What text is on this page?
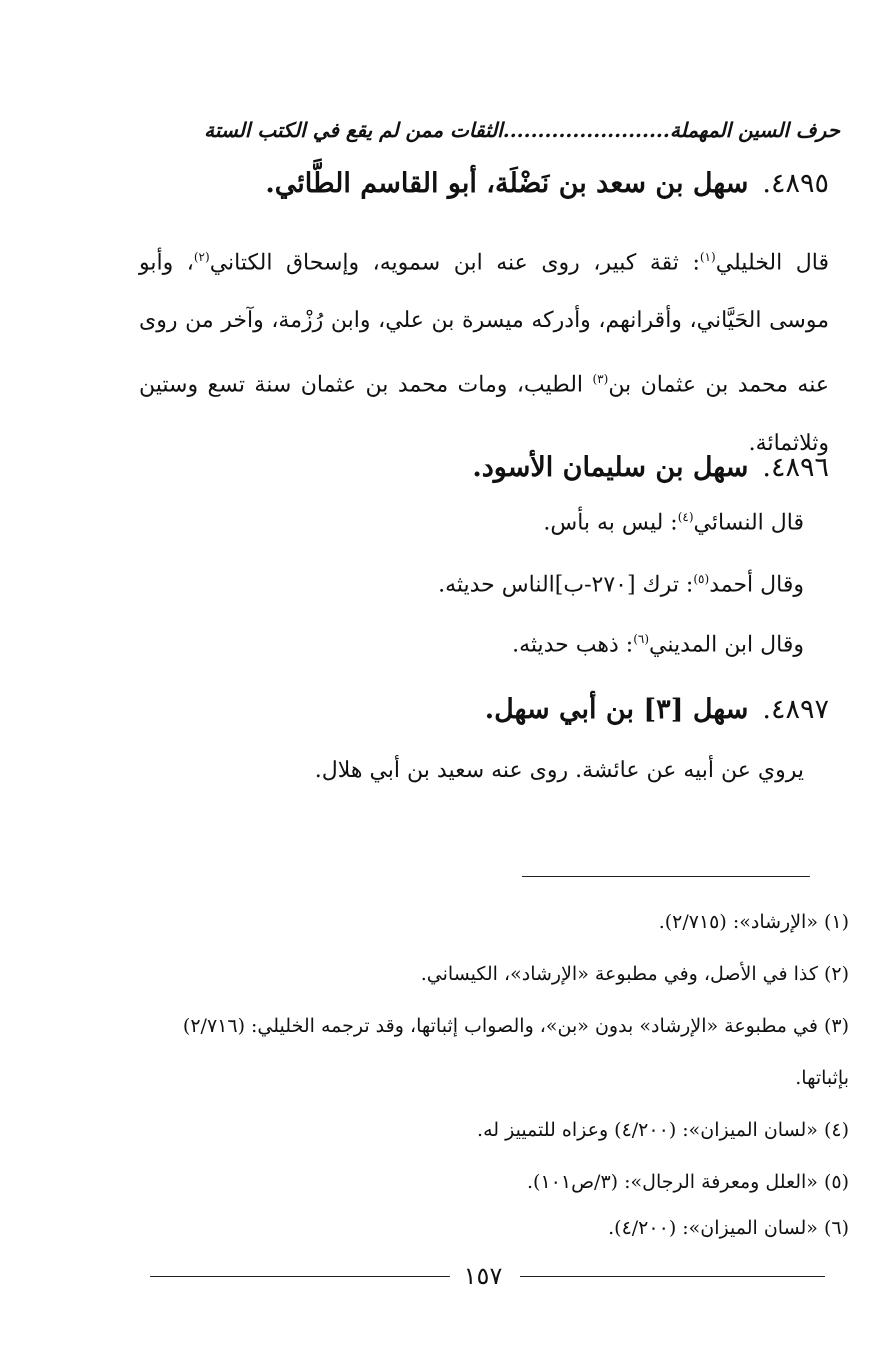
حرف السين المهملة........................الثقات ممن لم يقع في الكتب الستة
٤٨٩٥.سهل بن سعد بن نَضْلَة، أبو القاسم الطَّائي.
قال الخليلي$^{(١)}$: ثقة كبير، روى عنه ابن سمويه، وإسحاق الكتاني$^{(٢)}$، وأبو موسى الحَيَّاني، وأقرانهم، وأدركه ميسرة بن علي، وابن رُزْمة، وآخر من روى عنه محمد بن عثمان بن$^{(٣)}$ الطيب، ومات محمد بن عثمان سنة تسع وستين وثلاثمائة.
٤٨٩٦.سهل بن سليمان الأسود.
قال النسائي$^{(٤)}$: ليس به بأس.
وقال أحمد$^{(٥)}$: ترك [٢٧٠-ب]الناس حديثه.
وقال ابن المديني$^{(٦)}$: ذهب حديثه.
٤٨٩٧.سهل [٣] بن أبي سهل.
يروي عن أبيه عن عائشة. روى عنه سعيد بن أبي هلال.
(١)«الإرشاد»: (٢/٧١٥).
(٢)كذا في الأصل، وفي مطبوعة «الإرشاد»، الكيساني.
(٣)في مطبوعة «الإرشاد» بدون «بن»، والصواب إثباتها، وقد ترجمه الخليلي: (٢/٧١٦) بإثباتها.
(٤)«لسان الميزان»: (٤/٢٠٠) وعزاه للتمييز له.
(٥)«العلل ومعرفة الرجال»: (٣/ص١٠١).
(٦)«لسان الميزان»: (٤/٢٠٠).
١٥٧
